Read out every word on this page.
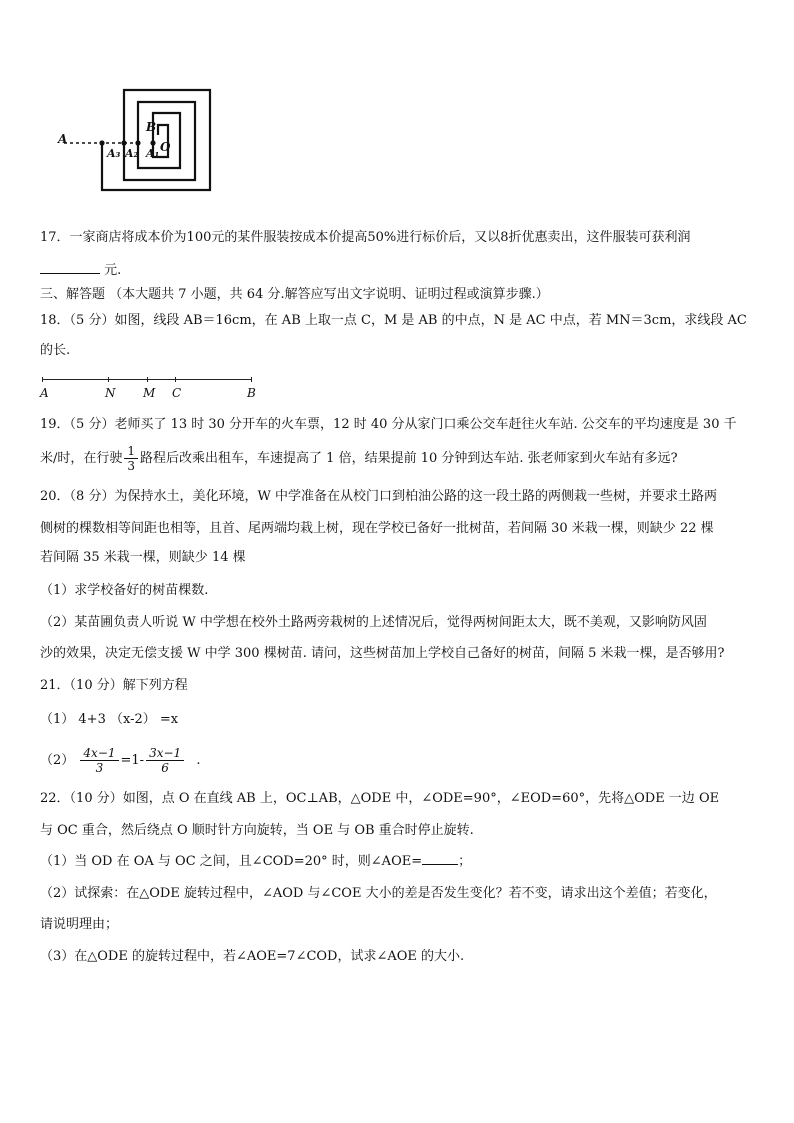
A
B
O
A₁
A₂
A₃
17．一家商店将成本价为100元的某件服装按成本价提高50%进行标价后，又以8折优惠卖出，这件服装可获利润
元.
三、解答题 （本大题共 7 小题，共 64 分.解答应写出文字说明、证明过程或演算步骤.）
18．（5 分）如图，线段 AB＝16cm，在 AB 上取一点 C，M 是 AB 的中点，N 是 AC 中点，若 MN＝3cm，求线段 AC
的长.
A	N M C	B
19．（5 分）老师买了 13 时 30 分开车的火车票，12 时 40 分从家门口乘公交车赶往火车站. 公交车的平均速度是 30 千
米/时，在行驶 $\frac{1}{3}$ 路程后改乘出租车，车速提高了 1 倍，结果提前 10 分钟到达车站. 张老师家到火车站有多远?
20．（8 分）为保持水土，美化环境，W 中学准备在从校门口到柏油公路的这一段土路的两侧栽一些树，并要求土路两
侧树的棵数相等间距也相等，且首、尾两端均栽上树，现在学校已备好一批树苗，若间隔 30 米栽一棵，则缺少 22 棵
若间隔 35 米栽一棵，则缺少 14 棵
（1）求学校备好的树苗棵数.
（2）某苗圃负责人听说 W 中学想在校外土路两旁栽树的上述情况后，觉得两树间距太大，既不美观，又影响防风固
沙的效果，决定无偿支援 W 中学 300 棵树苗. 请问，这些树苗加上学校自己备好的树苗，间隔 5 米栽一棵，是否够用?
21．（10 分）解下列方程
（1） 4+3 （x-2） =x
$(2) \frac{4x-1}{3} =1- \frac{3x-1}{6}$ .
22．（10 分）如图，点 O 在直线 AB 上，OC⊥AB，△ODE 中，∠ODE=90°，∠EOD=60°，先将△ODE 一边 OE
与 OC 重合，然后绕点 O 顺时针方向旋转，当 OE 与 OB 重合时停止旋转.
（1）当 OD 在 OA 与 OC 之间，且∠COD=20° 时，则∠AOE=	；
（2）试探索：在△ODE 旋转过程中，∠AOD 与∠COE 大小的差是否发生变化？若不变，请求出这个差值；若变化，
请说明理由；
（3）在△ODE 的旋转过程中，若∠AOE=7∠COD，试求∠AOE 的大小.
